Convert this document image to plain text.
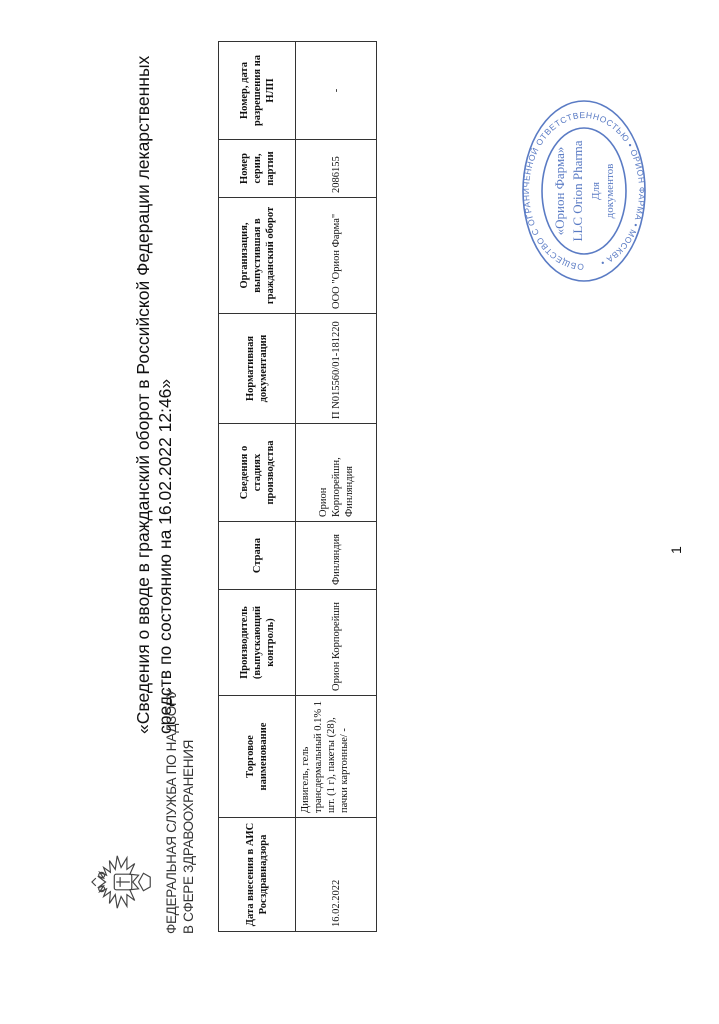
ФЕДЕРАЛЬНАЯ СЛУЖБА ПО НАДЗОРУ В СФЕРЕ ЗДРАВООХРАНЕНИЯ
«Сведения о вводе в гражданский оборот в Российской Федерации лекарственных средств по состоянию на 16.02.2022 12:46»
Дата внесения в АИС Росздравнадзора	Торговое наименование	Производитель (выпускающий контроль)	Страна	Сведения о стадиях производства	Нормативная документация	Организация, выпустившая в гражданский оборот	Номер серии, партии	Номер, дата разрешения на НЛП
16.02.2022	Дивигель, гель трансдермальный 0.1% 1 шт. (1 г), пакеты (28), пачки картонные/ -	Орион Корпорейшн	Финляндия	Орион Корпорейшн, Финляндия	П N015560/01-181220	ООО "Орион Фарма"	2086155	-
ОБЩЕСТВО С ОГРАНИЧЕННОЙ ОТВЕТСТВЕННОСТЬЮ • ОРИОН ФАРМА • МОСКВА •
«Орион Фарма» LLC Orion Pharma Для документов
1
